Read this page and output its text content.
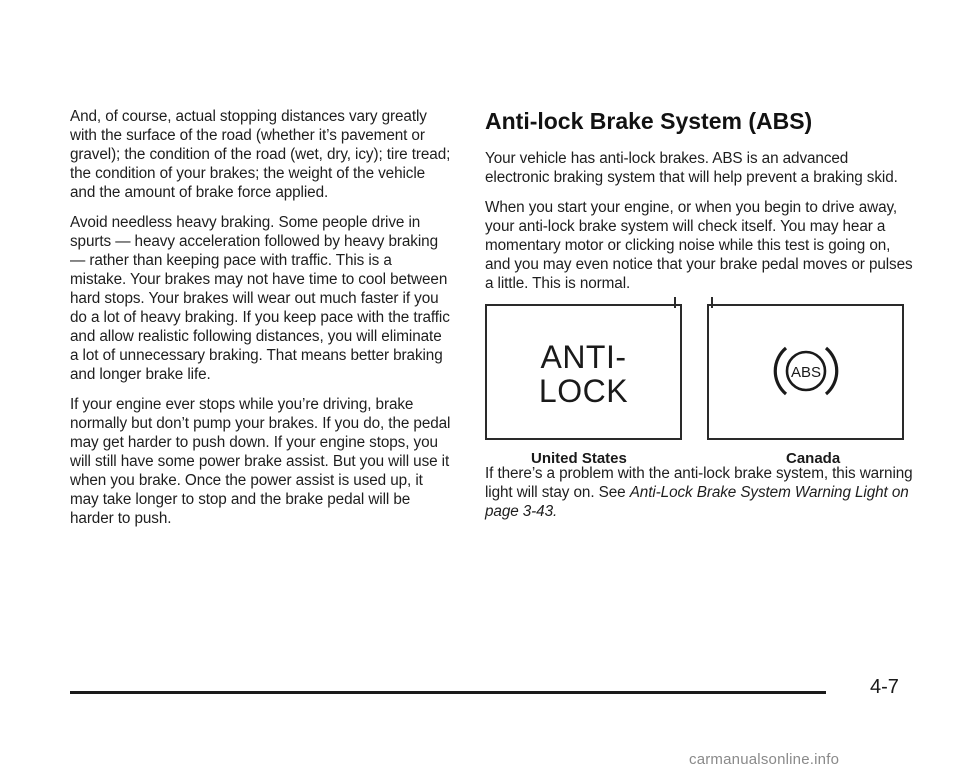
And, of course, actual stopping distances vary greatly with the surface of the road (whether it’s pavement or gravel); the condition of the road (wet, dry, icy); tire tread; the condition of your brakes; the weight of the vehicle and the amount of brake force applied.

Avoid needless heavy braking. Some people drive in spurts — heavy acceleration followed by heavy braking — rather than keeping pace with traffic. This is a mistake. Your brakes may not have time to cool between hard stops. Your brakes will wear out much faster if you do a lot of heavy braking. If you keep pace with the traffic and allow realistic following distances, you will eliminate a lot of unnecessary braking. That means better braking and longer brake life.

If your engine ever stops while you’re driving, brake normally but don’t pump your brakes. If you do, the pedal may get harder to push down. If your engine stops, you will still have some power brake assist. But you will use it when you brake. Once the power assist is used up, it may take longer to stop and the brake pedal will be harder to push.

Anti-lock Brake System (ABS)

Your vehicle has anti-lock brakes. ABS is an advanced electronic braking system that will help prevent a braking skid.

When you start your engine, or when you begin to drive away, your anti-lock brake system will check itself. You may hear a momentary motor or clicking noise while this test is going on, and you may even notice that your brake pedal moves or pulses a little. This is normal.

ANTI-
LOCK
ABS
United States	Canada

If there’s a problem with the anti-lock brake system, this warning light will stay on. See Anti-Lock Brake System Warning Light on page 3-43.

4-7
carmanualsonline.info
